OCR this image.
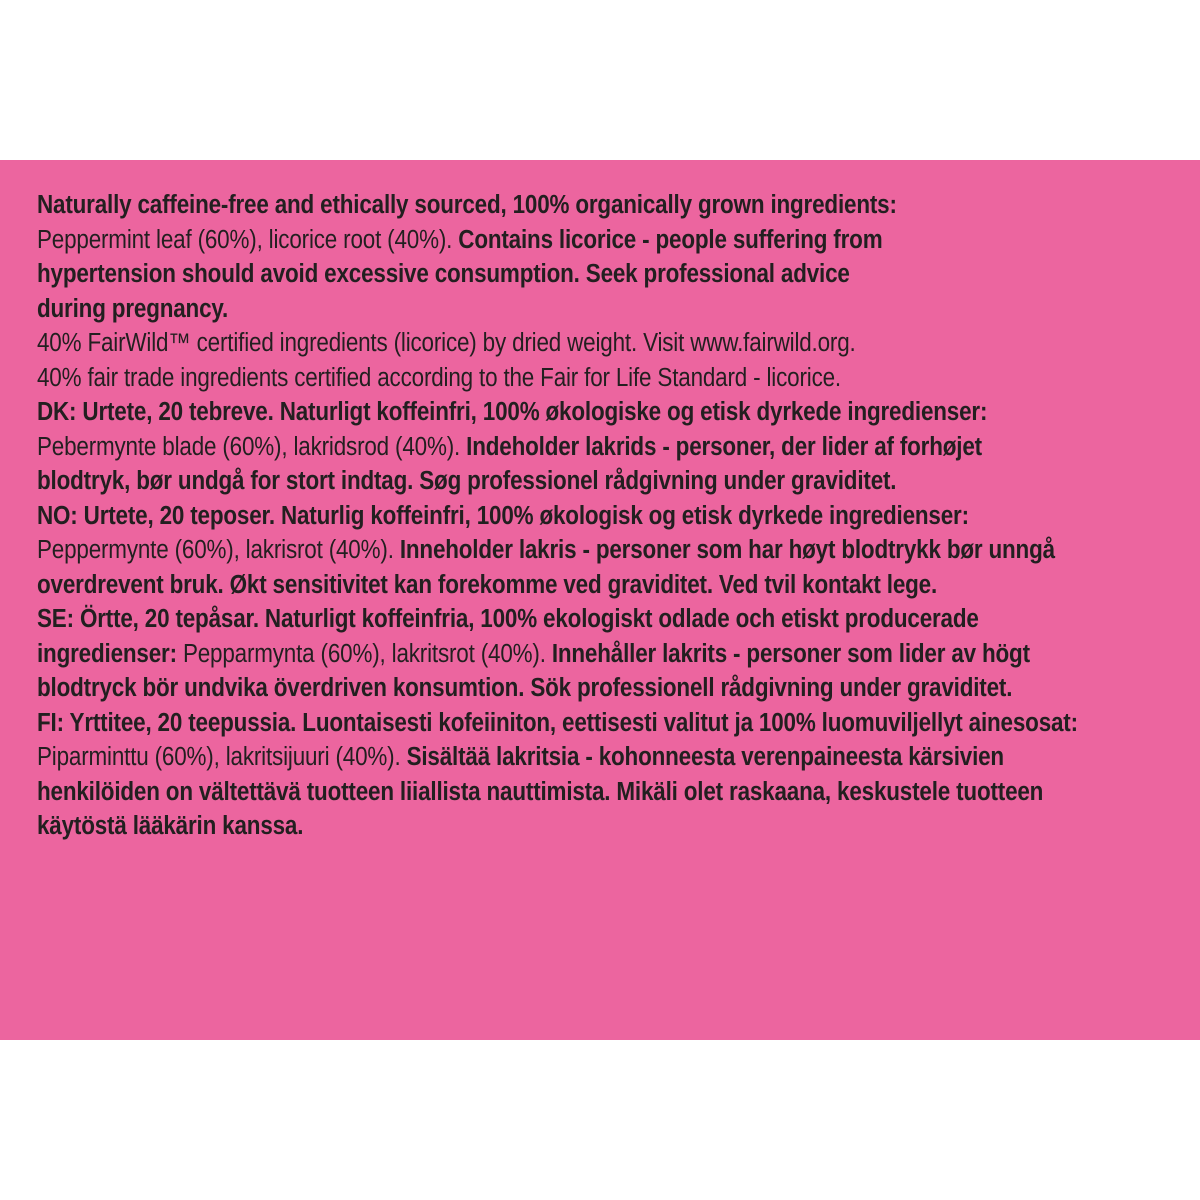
Naturally caffeine-free and ethically sourced, 100% organically grown ingredients:
Peppermint leaf (60%), licorice root (40%). Contains licorice - people suffering from
hypertension should avoid excessive consumption. Seek professional advice
during pregnancy.
40% FairWild™ certified ingredients (licorice) by dried weight. Visit www.fairwild.org.
40% fair trade ingredients certified according to the Fair for Life Standard - licorice.
DK: Urtete, 20 tebreve. Naturligt koffeinfri, 100% økologiske og etisk dyrkede ingredienser:
Pebermynte blade (60%), lakridsrod (40%). Indeholder lakrids - personer, der lider af forhøjet
blodtryk, bør undgå for stort indtag. Søg professionel rådgivning under graviditet.
NO: Urtete, 20 teposer. Naturlig koffeinfri, 100% økologisk og etisk dyrkede ingredienser:
Peppermynte (60%), lakrisrot (40%). Inneholder lakris - personer som har høyt blodtrykk bør unngå
overdrevent bruk. Økt sensitivitet kan forekomme ved graviditet. Ved tvil kontakt lege.
SE: Örtte, 20 tepåsar. Naturligt koffeinfria, 100% ekologiskt odlade och etiskt producerade
ingredienser: Pepparmynta (60%), lakritsrot (40%). Innehåller lakrits - personer som lider av högt
blodtryck bör undvika överdriven konsumtion. Sök professionell rådgivning under graviditet.
FI: Yrttitee, 20 teepussia. Luontaisesti kofeiiniton, eettisesti valitut ja 100% luomuviljellyt ainesosat:
Piparminttu (60%), lakritsijuuri (40%). Sisältää lakritsia - kohonneesta verenpaineesta kärsivien
henkilöiden on vältettävä tuotteen liiallista nauttimista. Mikäli olet raskaana, keskustele tuotteen
käytöstä lääkärin kanssa.
